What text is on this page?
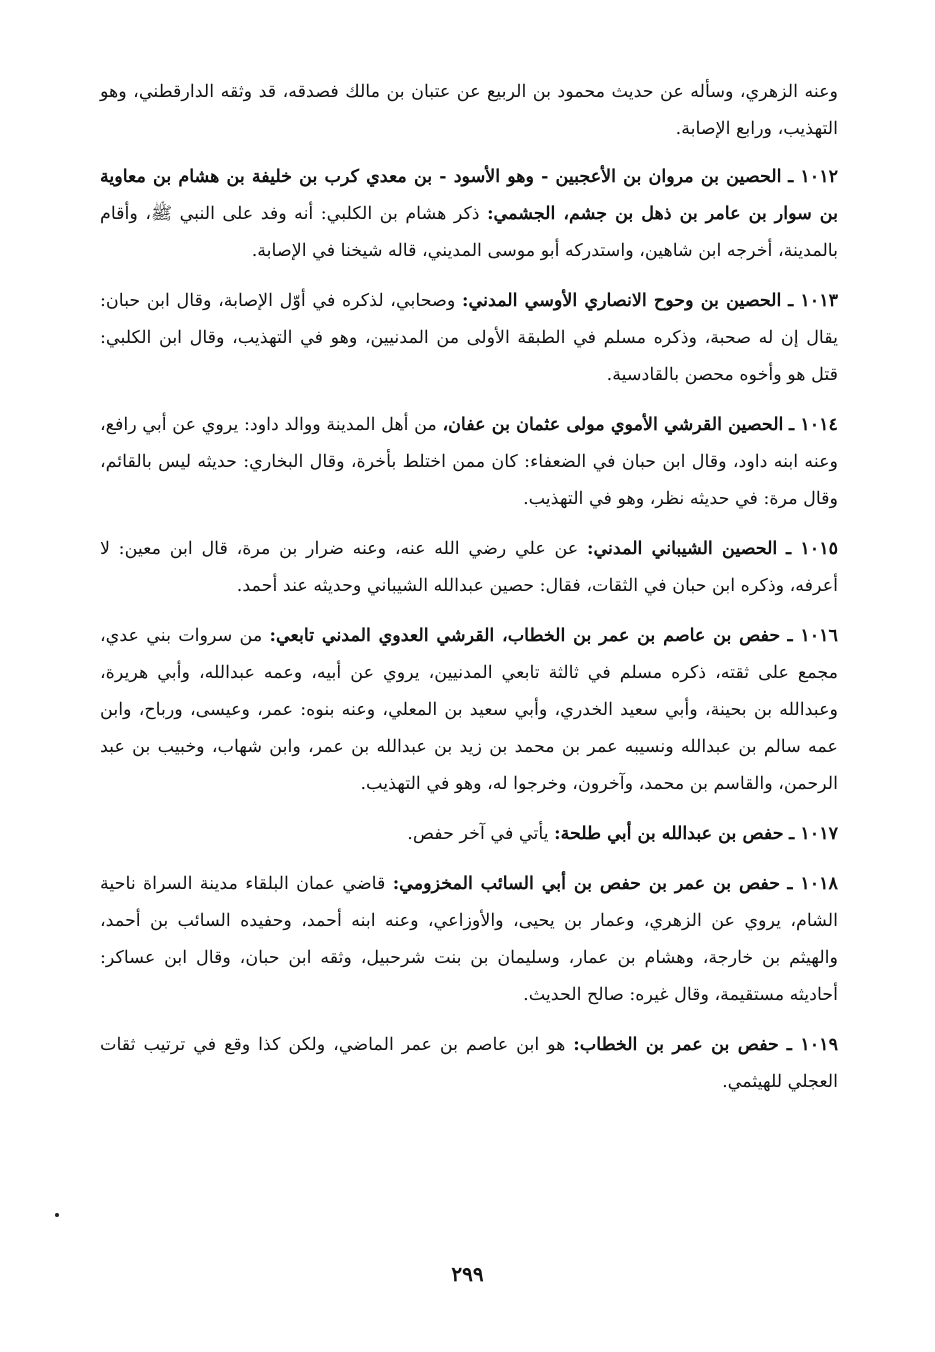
وعنه الزهري، وسأله عن حديث محمود بن الربيع عن عتبان بن مالك فصدقه، قد وثقه الدارقطني، وهو التهذيب، ورابع الإصابة.

١٠١٢ ـ الحصين بن مروان بن الأعجبين - وهو الأسود - بن معدي كرب بن خليفة بن هشام بن معاوية بن سوار بن عامر بن ذهل بن جشم، الجشمي: ذكر هشام بن الكلبي: أنه وفد على النبي ﷺ، وأقام بالمدينة، أخرجه ابن شاهين، واستدركه أبو موسى المديني، قاله شيخنا في الإصابة.

١٠١٣ ـ الحصين بن وحوح الانصاري الأوسي المدني: وصحابي، لذكره في أوّل الإصابة، وقال ابن حبان: يقال إن له صحبة، وذكره مسلم في الطبقة الأولى من المدنيين، وهو في التهذيب، وقال ابن الكلبي: قتل هو وأخوه محصن بالقادسية.

١٠١٤ ـ الحصين القرشي الأموي مولى عثمان بن عفان، من أهل المدينة ووالد داود: يروي عن أبي رافع، وعنه ابنه داود، وقال ابن حبان في الضعفاء: كان ممن اختلط بأخرة، وقال البخاري: حديثه ليس بالقائم، وقال مرة: في حديثه نظر، وهو في التهذيب.

١٠١٥ ـ الحصين الشيباني المدني: عن علي رضي الله عنه، وعنه ضرار بن مرة، قال ابن معين: لا أعرفه، وذكره ابن حبان في الثقات، فقال: حصين عبدالله الشيباني وحديثه عند أحمد.

١٠١٦ ـ حفص بن عاصم بن عمر بن الخطاب، القرشي العدوي المدني تابعي: من سروات بني عدي، مجمع على ثقته، ذكره مسلم في ثالثة تابعي المدنيين، يروي عن أبيه، وعمه عبدالله، وأبي هريرة، وعبدالله بن بحينة، وأبي سعيد الخدري، وأبي سعيد بن المعلي، وعنه بنوه: عمر، وعيسى، ورباح، وابن عمه سالم بن عبدالله ونسيبه عمر بن محمد بن زيد بن عبدالله بن عمر، وابن شهاب، وخبيب بن عبد الرحمن، والقاسم بن محمد، وآخرون، وخرجوا له، وهو في التهذيب.

١٠١٧ ـ حفص بن عبدالله بن أبي طلحة: يأتي في آخر حفص.

١٠١٨ ـ حفص بن عمر بن حفص بن أبي السائب المخزومي: قاضي عمان البلقاء مدينة السراة ناحية الشام، يروي عن الزهري، وعمار بن يحيى، والأوزاعي، وعنه ابنه أحمد، وحفيده السائب بن أحمد، والهيثم بن خارجة، وهشام بن عمار، وسليمان بن بنت شرحبيل، وثقه ابن حبان، وقال ابن عساكر: أحاديثه مستقيمة، وقال غيره: صالح الحديث.

١٠١٩ ـ حفص بن عمر بن الخطاب: هو ابن عاصم بن عمر الماضي، ولكن كذا وقع في ترتيب ثقات العجلي للهيثمي.

٢٩٩
